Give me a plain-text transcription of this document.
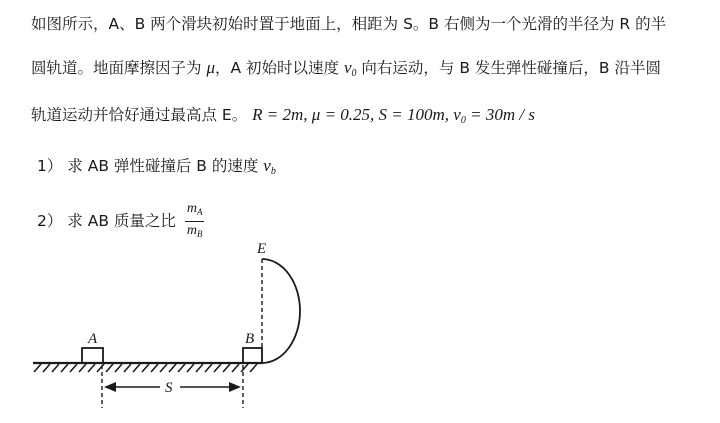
如图所示，A、B 两个滑块初始时置于地面上，相距为 S。B 右侧为一个光滑的半径为 R 的半
圆轨道。地面摩擦因子为 μ，A 初始时以速度 $v_0$ 向右运动，与 B 发生弹性碰撞后，B 沿半圆
轨道运动并恰好通过最高点 E。 R = 2m, μ = 0.25, S = 100m, $v_0 = 30m / s$
1） 求 AB 弹性碰撞后 B 的速度 $v_b$
2） 求 AB 质量之比 $\frac{m_A}{m_B}$
A	B
E
S
